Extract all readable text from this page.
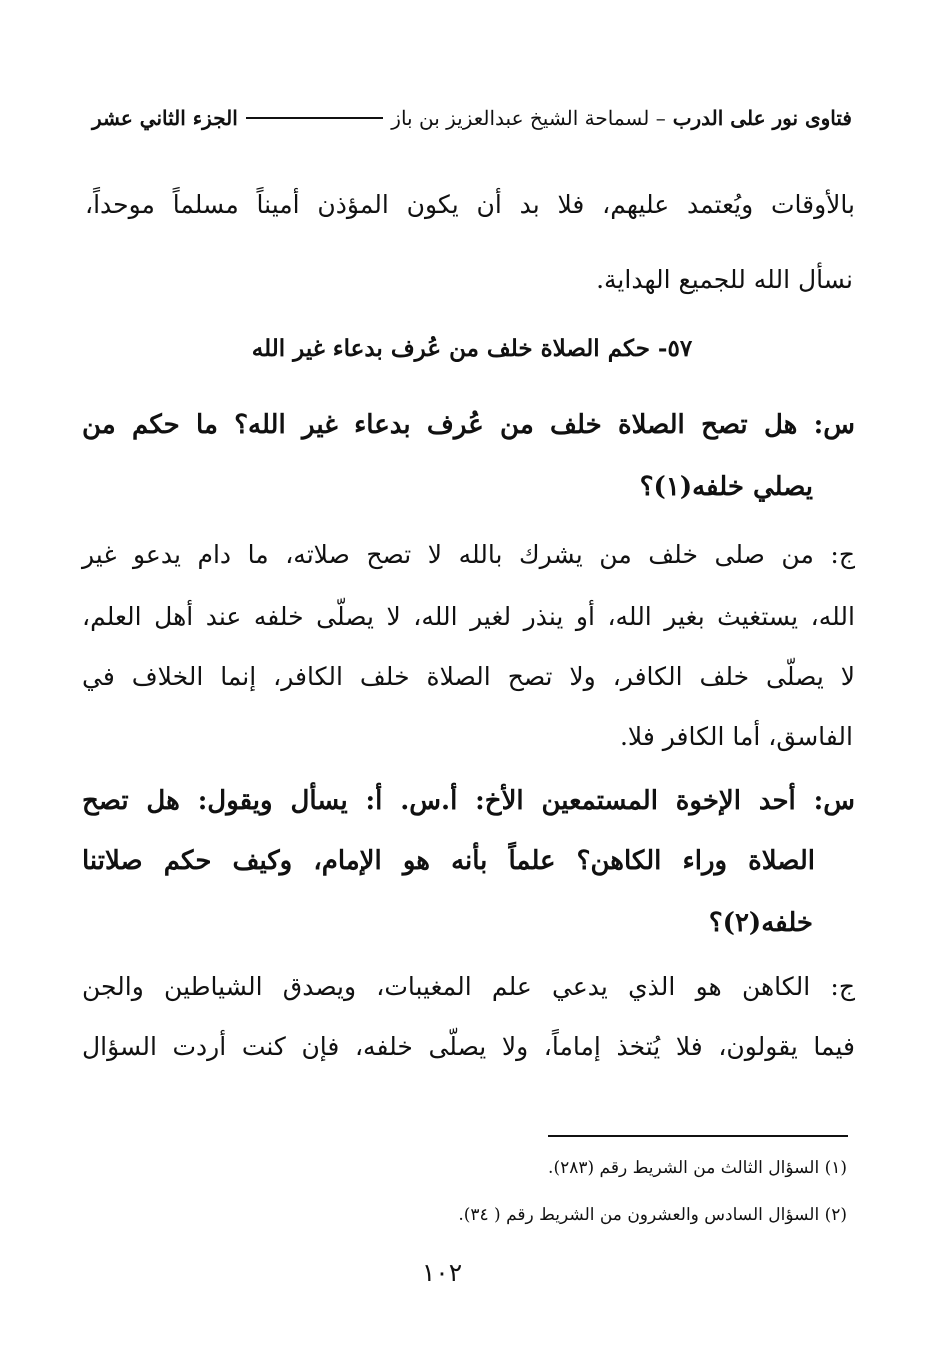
فتاوى نور على الدرب

– لسماحة الشيخ عبدالعزيز بن باز
الجزء الثاني عشر
بالأوقات ويُعتمد عليهم، فلا بد أن يكون المؤذن أميناً مسلماً موحداً،
نسأل الله للجميع الهداية.
٥٧- حكم الصلاة خلف من عُرف بدعاء غير الله
س: هل تصح الصلاة خلف من عُرف بدعاء غير الله؟ ما حكم من
يصلي خلفه(١)؟
ج: من صلى خلف من يشرك بالله لا تصح صلاته، ما دام يدعو غير
الله، يستغيث بغير الله، أو ينذر لغير الله، لا يصلّى خلفه عند أهل العلم،
لا يصلّى خلف الكافر، ولا تصح الصلاة خلف الكافر، إنما الخلاف في
الفاسق، أما الكافر فلا.
س: أحد الإخوة المستمعين الأخ: أ.س. أ: يسأل ويقول: هل تصح
الصلاة وراء الكاهن؟ علماً بأنه هو الإمام، وكيف حكم صلاتنا
خلفه(٢)؟
ج: الكاهن هو الذي يدعي علم المغيبات، ويصدق الشياطين والجن
فيما يقولون، فلا يُتخذ إماماً، ولا يصلّى خلفه، فإن كنت أردت السؤال
(١) السؤال الثالث من الشريط رقم (٢٨٣).
(٢) السؤال السادس والعشرون من الشريط رقم ( ٣٤).
١٠٢
